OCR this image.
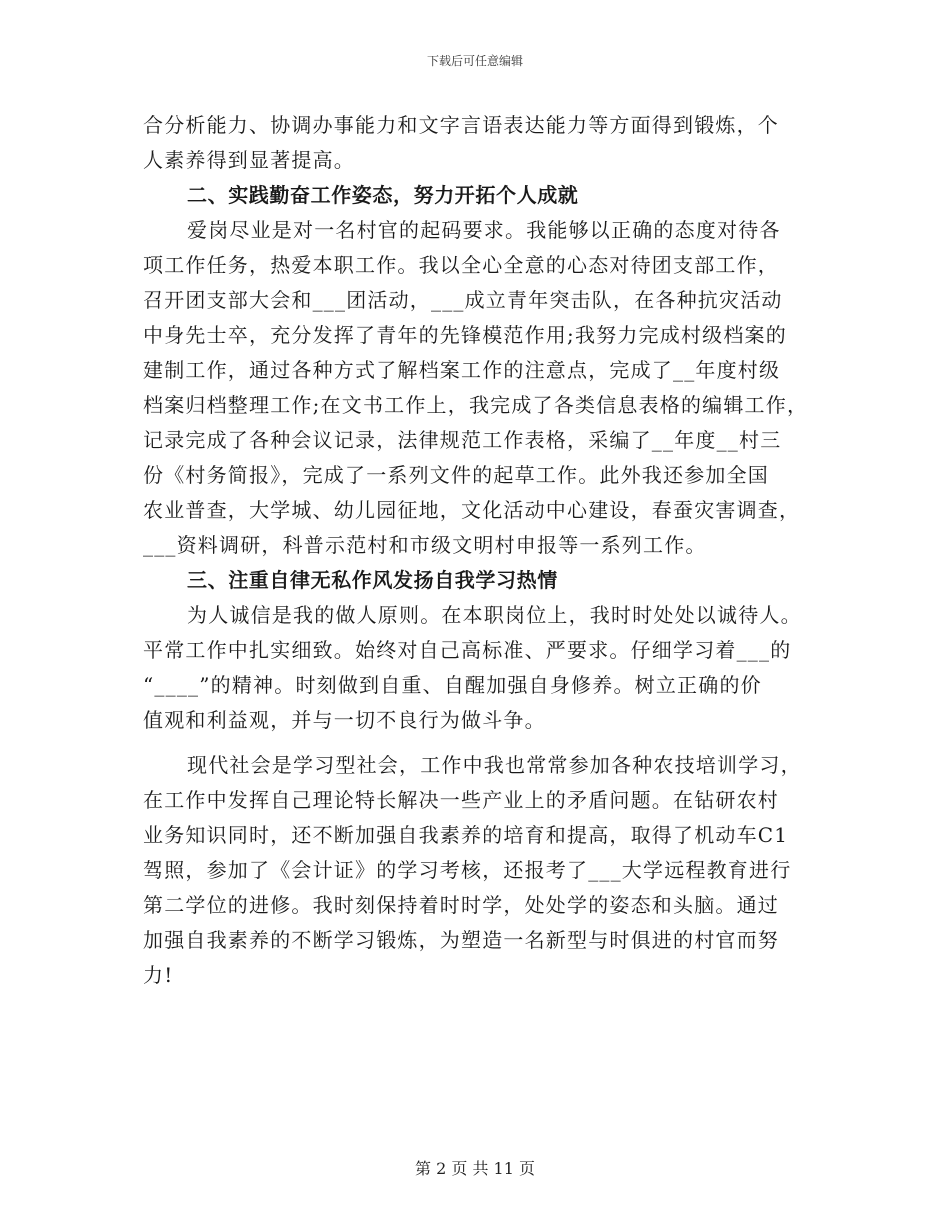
下载后可任意编辑
合分析能力、协调办事能力和文字言语表达能力等方面得到锻炼，个
人素养得到显著提高。
二、实践勤奋工作姿态，努力开拓个人成就
爱岗尽业是对一名村官的起码要求。我能够以正确的态度对待各
项工作任务，热爱本职工作。我以全心全意的心态对待团支部工作，
召开团支部大会和___团活动，___成立青年突击队，在各种抗灾活动
中身先士卒，充分发挥了青年的先锋模范作用;我努力完成村级档案的
建制工作，通过各种方式了解档案工作的注意点，完成了__年度村级
档案归档整理工作;在文书工作上，我完成了各类信息表格的编辑工作，
记录完成了各种会议记录，法律规范工作表格，采编了__年度__村三
份《村务简报》，完成了一系列文件的起草工作。此外我还参加全国
农业普查，大学城、幼儿园征地，文化活动中心建设，春蚕灾害调查，
___资料调研，科普示范村和市级文明村申报等一系列工作。
三、注重自律无私作风发扬自我学习热情
为人诚信是我的做人原则。在本职岗位上，我时时处处以诚待人。
平常工作中扎实细致。始终对自己高标准、严要求。仔细学习着___的
“____”的精神。时刻做到自重、自醒加强自身修养。树立正确的价
值观和利益观，并与一切不良行为做斗争。
现代社会是学习型社会，工作中我也常常参加各种农技培训学习，
在工作中发挥自己理论特长解决一些产业上的矛盾问题。在钻研农村
业务知识同时，还不断加强自我素养的培育和提高，取得了机动车C1
驾照，参加了《会计证》的学习考核，还报考了___大学远程教育进行
第二学位的进修。我时刻保持着时时学，处处学的姿态和头脑。通过
加强自我素养的不断学习锻炼，为塑造一名新型与时俱进的村官而努
力!
第 2 页 共 11 页
